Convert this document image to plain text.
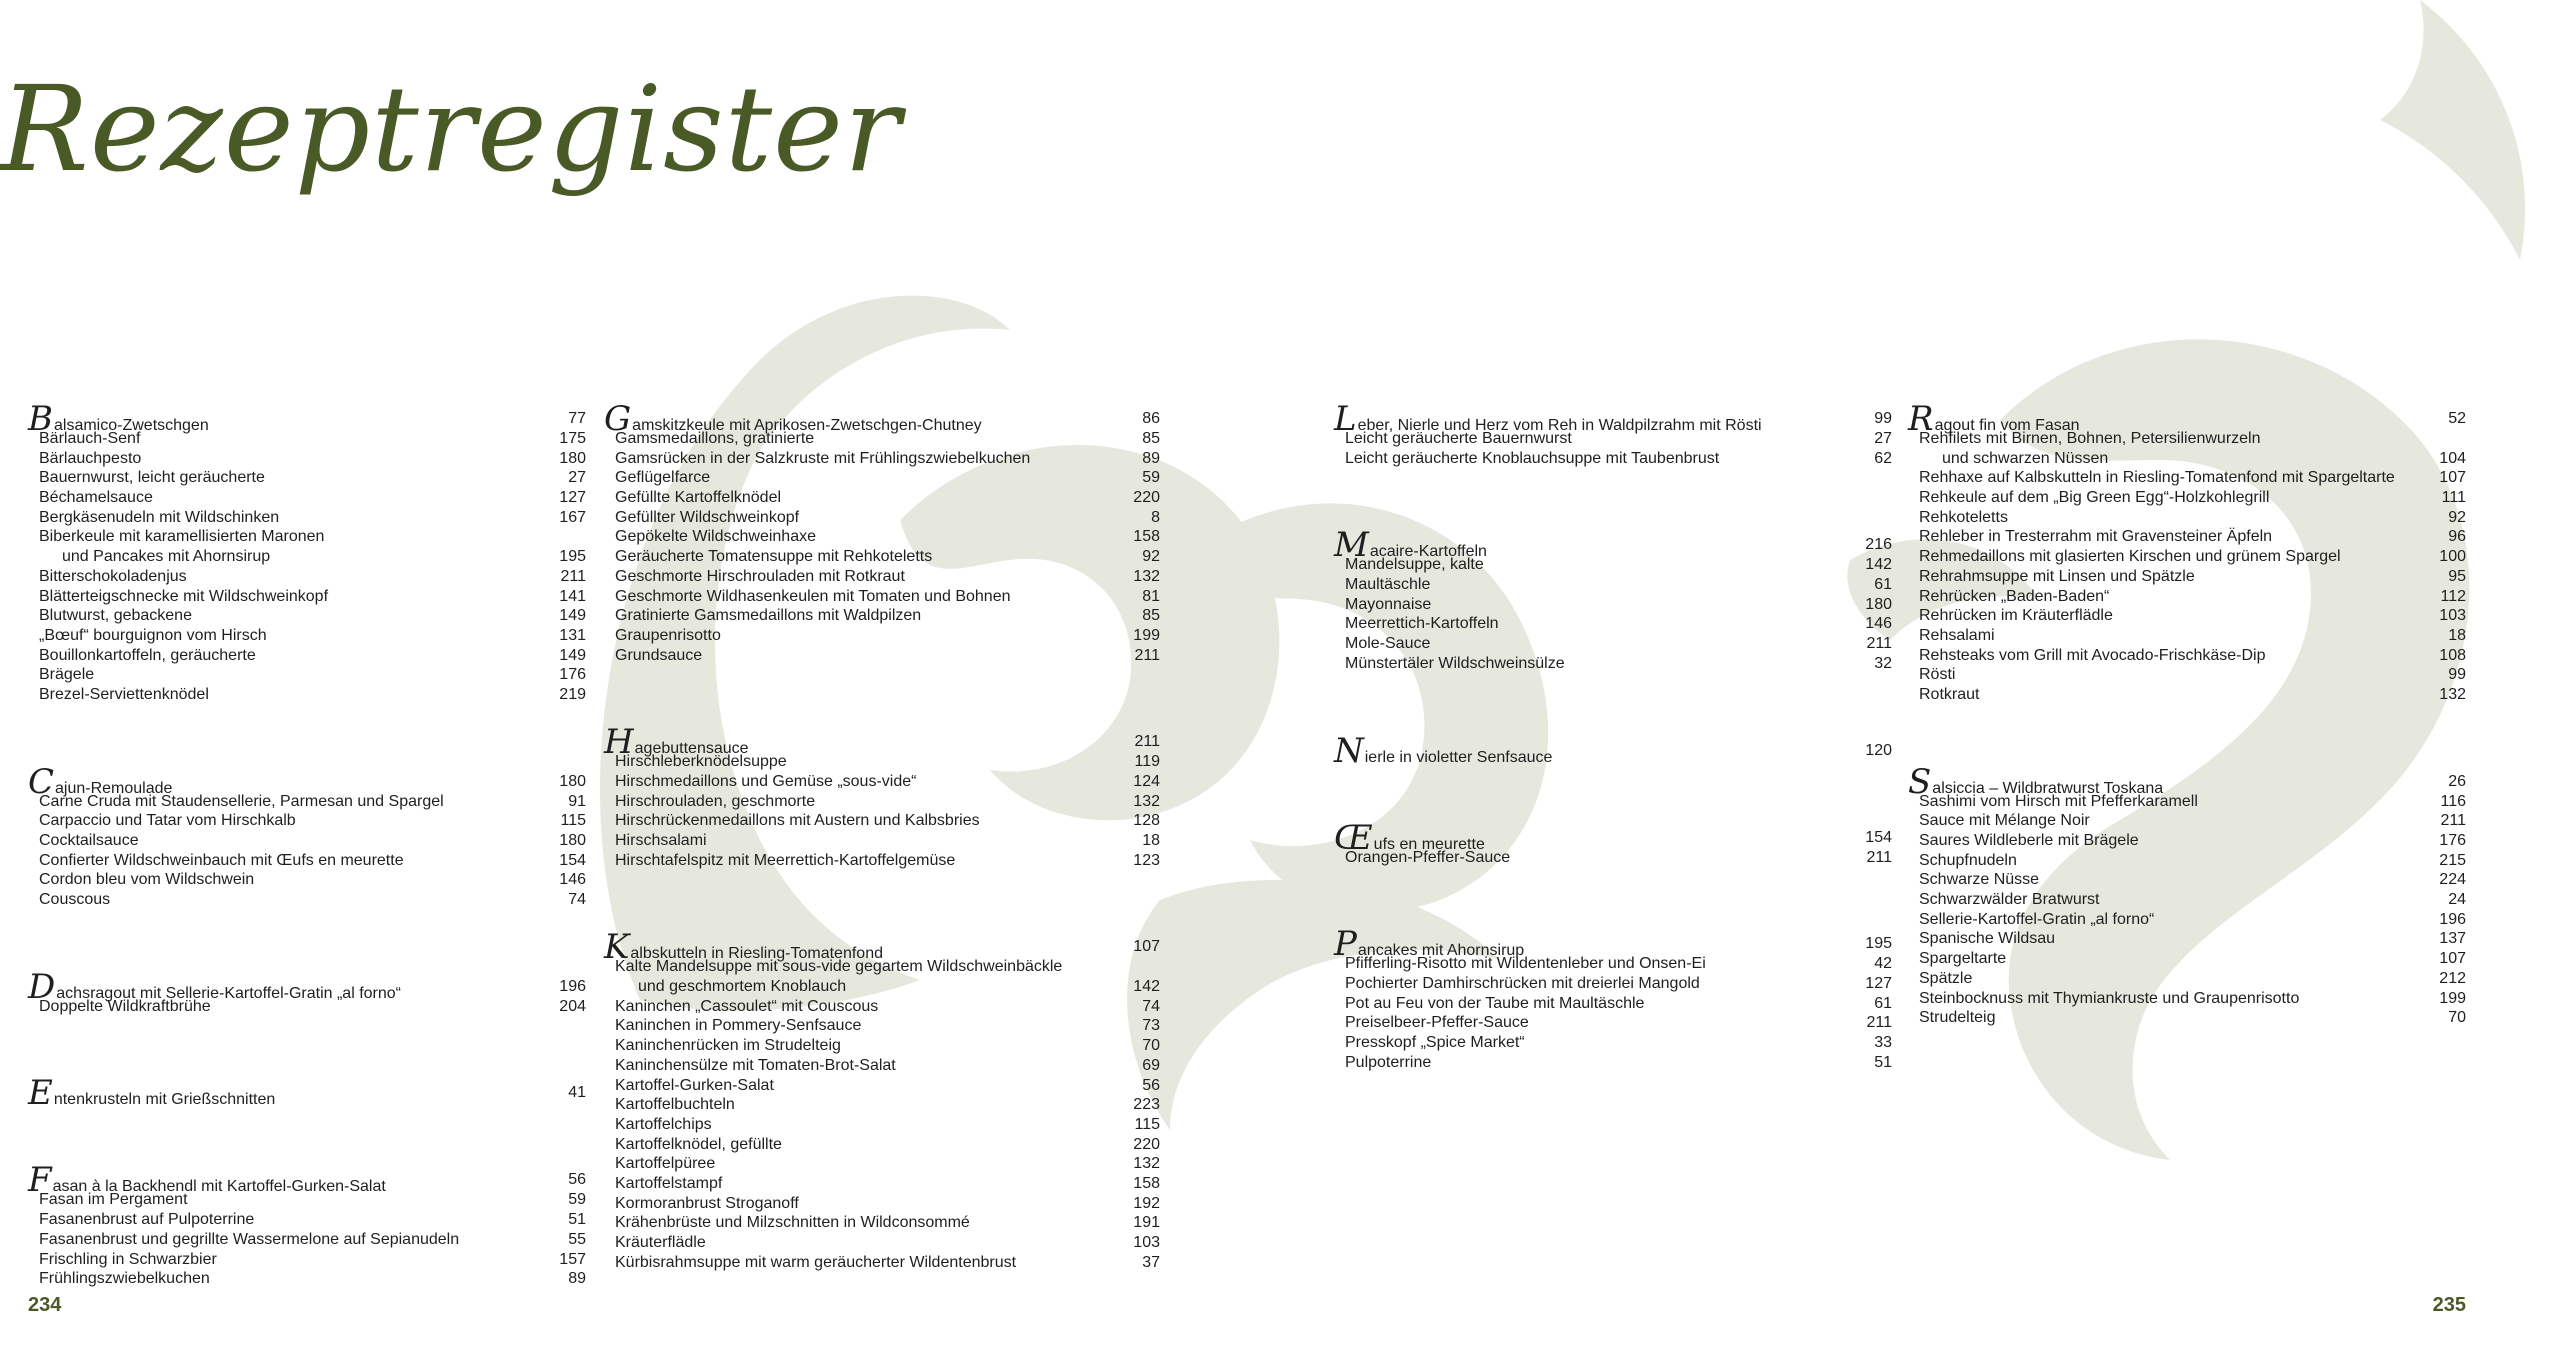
Rezeptregister
Balsamico-Zwetschgen	77
Bärlauch-Senf	175
Bärlauchpesto	180
Bauernwurst, leicht geräucherte	27
Béchamelsauce	127
Bergkäsenudeln mit Wildschinken	167
Biberkeule mit karamellisierten Maronen
und Pancakes mit Ahornsirup	195
Bitterschokoladenjus	211
Blätterteigschnecke mit Wildschweinkopf	141
Blutwurst, gebackene	149
„Bœuf“ bourguignon vom Hirsch	131
Bouillonkartoffeln, geräucherte	149
Brägele	176
Brezel-Serviettenknödel	219
Cajun-Remoulade	180
Carne Cruda mit Staudensellerie, Parmesan und Spargel	91
Carpaccio und Tatar vom Hirschkalb	115
Cocktailsauce	180
Confierter Wildschweinbauch mit Œufs en meurette	154
Cordon bleu vom Wildschwein	146
Couscous	74
Dachsragout mit Sellerie-Kartoffel-Gratin „al forno“	196
Doppelte Wildkraftbrühe	204
Entenkrusteln mit Grießschnitten	41
Fasan à la Backhendl mit Kartoffel-Gurken-Salat	56
Fasan im Pergament	59
Fasanenbrust auf Pulpoterrine	51
Fasanenbrust und gegrillte Wassermelone auf Sepianudeln	55
Frischling in Schwarzbier	157
Frühlingszwiebelkuchen	89
Gamskitzkeule mit Aprikosen-Zwetschgen-Chutney	86
Gamsmedaillons, gratinierte	85
Gamsrücken in der Salzkruste mit Frühlingszwiebelkuchen	89
Geflügelfarce	59
Gefüllte Kartoffelknödel	220
Gefüllter Wildschweinkopf	8
Gepökelte Wildschweinhaxe	158
Geräucherte Tomatensuppe mit Rehkoteletts	92
Geschmorte Hirschrouladen mit Rotkraut	132
Geschmorte Wildhasenkeulen mit Tomaten und Bohnen	81
Gratinierte Gamsmedaillons mit Waldpilzen	85
Graupenrisotto	199
Grundsauce	211
Hagebuttensauce	211
Hirschleberknödelsuppe	119
Hirschmedaillons und Gemüse „sous-vide“	124
Hirschrouladen, geschmorte	132
Hirschrückenmedaillons mit Austern und Kalbsbries	128
Hirschsalami	18
Hirschtafelspitz mit Meerrettich-Kartoffelgemüse	123
Kalbskutteln in Riesling-Tomatenfond	107
Kalte Mandelsuppe mit sous-vide gegartem Wildschweinbäckle
und geschmortem Knoblauch	142
Kaninchen „Cassoulet“ mit Couscous	74
Kaninchen in Pommery-Senfsauce	73
Kaninchenrücken im Strudelteig	70
Kaninchensülze mit Tomaten-Brot-Salat	69
Kartoffel-Gurken-Salat	56
Kartoffelbuchteln	223
Kartoffelchips	115
Kartoffelknödel, gefüllte	220
Kartoffelpüree	132
Kartoffelstampf	158
Kormoranbrust Stroganoff	192
Krähenbrüste und Milzschnitten in Wildconsommé	191
Kräuterflädle	103
Kürbisrahmsuppe mit warm geräucherter Wildentenbrust	37
Leber, Nierle und Herz vom Reh in Waldpilzrahm mit Rösti	99
Leicht geräucherte Bauernwurst	27
Leicht geräucherte Knoblauchsuppe mit Taubenbrust	62
Macaire-Kartoffeln	216
Mandelsuppe, kalte	142
Maultäschle	61
Mayonnaise	180
Meerrettich-Kartoffeln	146
Mole-Sauce	211
Münstertäler Wildschweinsülze	32
Nierle in violetter Senfsauce	120
Œufs en meurette	154
Orangen-Pfeffer-Sauce	211
Pancakes mit Ahornsirup	195
Pfifferling-Risotto mit Wildentenleber und Onsen-Ei	42
Pochierter Damhirschrücken mit dreierlei Mangold	127
Pot au Feu von der Taube mit Maultäschle	61
Preiselbeer-Pfeffer-Sauce	211
Presskopf „Spice Market“	33
Pulpoterrine	51
Ragout fin vom Fasan	52
Rehfilets mit Birnen, Bohnen, Petersilienwurzeln
und schwarzen Nüssen	104
Rehhaxe auf Kalbskutteln in Riesling-Tomatenfond mit Spargeltarte	107
Rehkeule auf dem „Big Green Egg“-Holzkohlegrill	111
Rehkoteletts	92
Rehleber in Tresterrahm mit Gravensteiner Äpfeln	96
Rehmedaillons mit glasierten Kirschen und grünem Spargel	100
Rehrahmsuppe mit Linsen und Spätzle	95
Rehrücken „Baden-Baden“	112
Rehrücken im Kräuterflädle	103
Rehsalami	18
Rehsteaks vom Grill mit Avocado-Frischkäse-Dip	108
Rösti	99
Rotkraut	132
Salsiccia – Wildbratwurst Toskana	26
Sashimi vom Hirsch mit Pfefferkaramell	116
Sauce mit Mélange Noir	211
Saures Wildleberle mit Brägele	176
Schupfnudeln	215
Schwarze Nüsse	224
Schwarzwälder Bratwurst	24
Sellerie-Kartoffel-Gratin „al forno“	196
Spanische Wildsau	137
Spargeltarte	107
Spätzle	212
Steinbocknuss mit Thymiankruste und Graupenrisotto	199
Strudelteig	70
234	235
